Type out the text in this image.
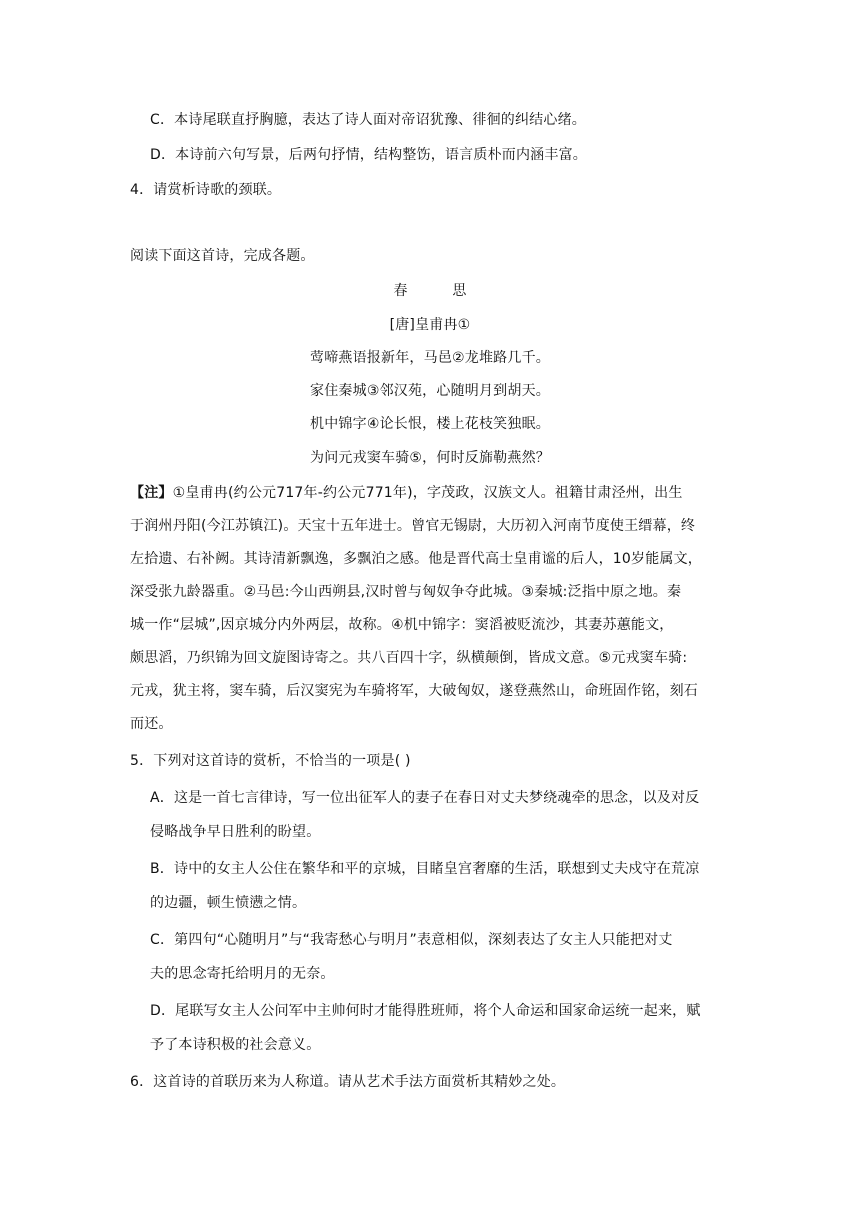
C．本诗尾联直抒胸臆，表达了诗人面对帝诏犹豫、徘徊的纠结心绪。
D．本诗前六句写景，后两句抒情，结构整饬，语言质朴而内涵丰富。
4．请赏析诗歌的颈联。
阅读下面这首诗，完成各题。
春	思
[唐]皇甫冉①
莺啼燕语报新年，马邑②龙堆路几千。
家住秦城③邻汉苑，心随明月到胡天。
机中锦字④论长恨，楼上花枝笑独眠。
为问元戎窦车骑⑤，何时反旆勒燕然？
【注】①皇甫冉(约公元717年-约公元771年)，字茂政，汉族文人。祖籍甘肃泾州，出生
于润州丹阳(今江苏镇江)。天宝十五年进士。曾官无锡尉，大历初入河南节度使王缙幕，终
左拾遗、右补阙。其诗清新飘逸，多飘泊之感。他是晋代高士皇甫谧的后人，10岁能属文，
深受张九龄器重。②马邑:今山西朔县,汉时曾与匈奴争夺此城。③秦城:泛指中原之地。秦
城一作“层城”,因京城分内外两层，故称。④机中锦字：窦滔被贬流沙，其妻苏蕙能文，
颇思滔，乃织锦为回文旋图诗寄之。共八百四十字，纵横颠倒，皆成文意。⑤元戎窦车骑:
元戎，犹主将，窦车骑，后汉窦宪为车骑将军，大破匈奴，遂登燕然山，命班固作铭，刻石
而还。
5．下列对这首诗的赏析，不恰当的一项是( )
A．这是一首七言律诗，写一位出征军人的妻子在春日对丈夫梦绕魂牵的思念，以及对反
侵略战争早日胜利的盼望。
B．诗中的女主人公住在繁华和平的京城，目睹皇宫奢靡的生活，联想到丈夫戍守在荒凉
的边疆，顿生愤懑之情。
C．第四句“心随明月”与“我寄愁心与明月”表意相似，深刻表达了女主人只能把对丈
夫的思念寄托给明月的无奈。
D．尾联写女主人公问军中主帅何时才能得胜班师，将个人命运和国家命运统一起来，赋
予了本诗积极的社会意义。
6．这首诗的首联历来为人称道。请从艺术手法方面赏析其精妙之处。
